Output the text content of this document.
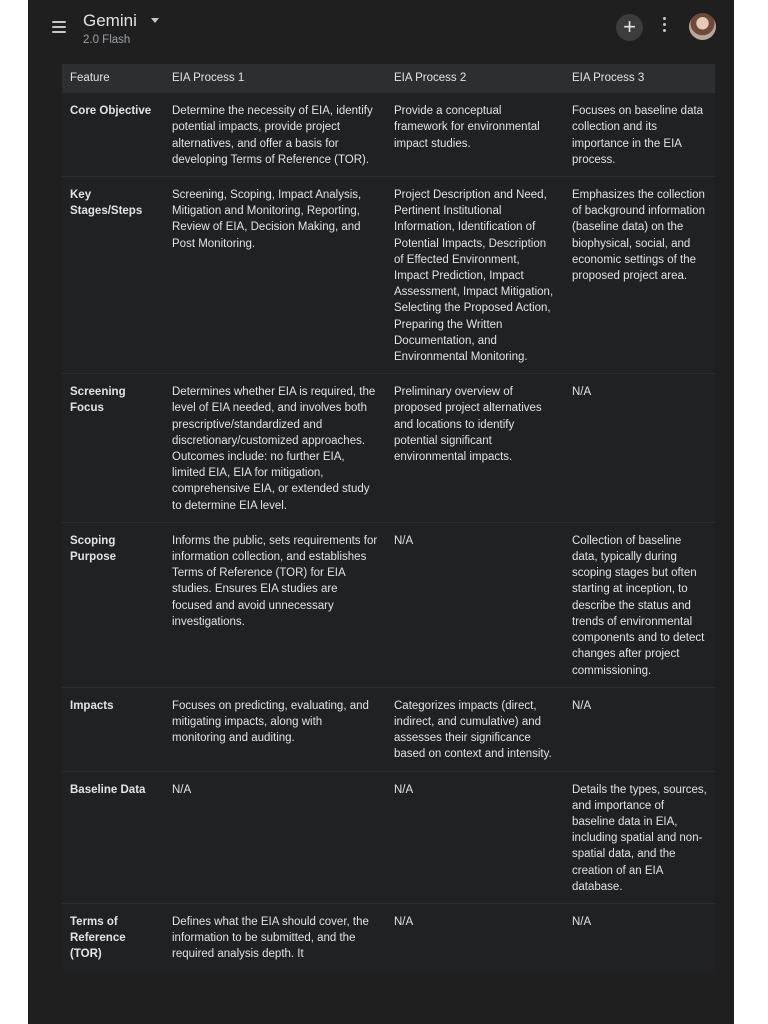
Gemini
2.0 Flash
+
Feature	EIA Process 1	EIA Process 2	EIA Process 3
Core Objective	Determine the necessity of EIA, identify potential impacts, provide project alternatives, and offer a basis for developing Terms of Reference (TOR).	Provide a conceptual framework for environmental impact studies.	Focuses on baseline data collection and its importance in the EIA process.
Key Stages/Steps	Screening, Scoping, Impact Analysis, Mitigation and Monitoring, Reporting, Review of EIA, Decision Making, and Post Monitoring.	Project Description and Need, Pertinent Institutional Information, Identification of Potential Impacts, Description of Effected Environment, Impact Prediction, Impact Assessment, Impact Mitigation, Selecting the Proposed Action, Preparing the Written Documentation, and Environmental Monitoring.	Emphasizes the collection of background information (baseline data) on the biophysical, social, and economic settings of the proposed project area.
Screening Focus	Determines whether EIA is required, the level of EIA needed, and involves both prescriptive/standardized and discretionary/customized approaches. Outcomes include: no further EIA, limited EIA, EIA for mitigation, comprehensive EIA, or extended study to determine EIA level.	Preliminary overview of proposed project alternatives and locations to identify potential significant environmental impacts.	N/A
Scoping Purpose	Informs the public, sets requirements for information collection, and establishes Terms of Reference (TOR) for EIA studies. Ensures EIA studies are focused and avoid unnecessary investigations.	N/A	Collection of baseline data, typically during scoping stages but often starting at inception, to describe the status and trends of environmental components and to detect changes after project commissioning.
Impacts	Focuses on predicting, evaluating, and mitigating impacts, along with monitoring and auditing.	Categorizes impacts (direct, indirect, and cumulative) and assesses their significance based on context and intensity.	N/A
Baseline Data	N/A	N/A	Details the types, sources, and importance of baseline data in EIA, including spatial and non-spatial data, and the creation of an EIA database.
Terms of Reference (TOR)	Defines what the EIA should cover, the information to be submitted, and the required analysis depth. It	N/A	N/A
